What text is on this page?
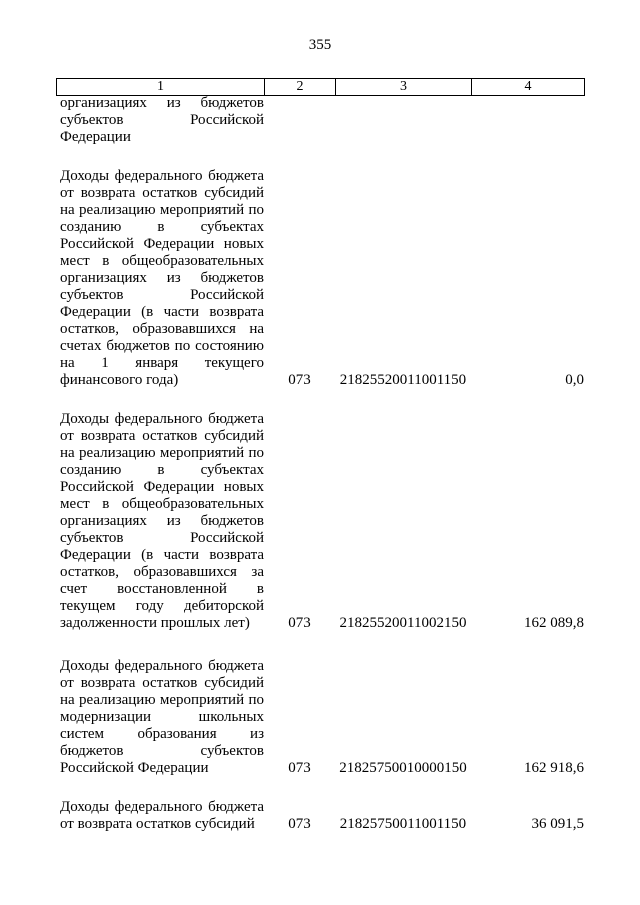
355
1	2	3	4
организациях из бюджетов
субъектов Российской
Федерации
Доходы федерального бюджета
от возврата остатков субсидий
на реализацию мероприятий по
созданию в субъектах
Российской Федерации новых
мест в общеобразовательных
организациях из бюджетов
субъектов Российской
Федерации (в части возврата
остатков, образовавшихся на
счетах бюджетов по состоянию
на 1 января текущего
финансового года)	073	21825520011001150	0,0
Доходы федерального бюджета
от возврата остатков субсидий
на реализацию мероприятий по
созданию в субъектах
Российской Федерации новых
мест в общеобразовательных
организациях из бюджетов
субъектов Российской
Федерации (в части возврата
остатков, образовавшихся за
счет восстановленной в
текущем году дебиторской
задолженности прошлых лет)	073	21825520011002150	162 089,8
Доходы федерального бюджета
от возврата остатков субсидий
на реализацию мероприятий по
модернизации школьных
систем образования из
бюджетов субъектов
Российской Федерации	073	21825750010000150	162 918,6
Доходы федерального бюджета
от возврата остатков субсидий	073	21825750011001150	36 091,5
